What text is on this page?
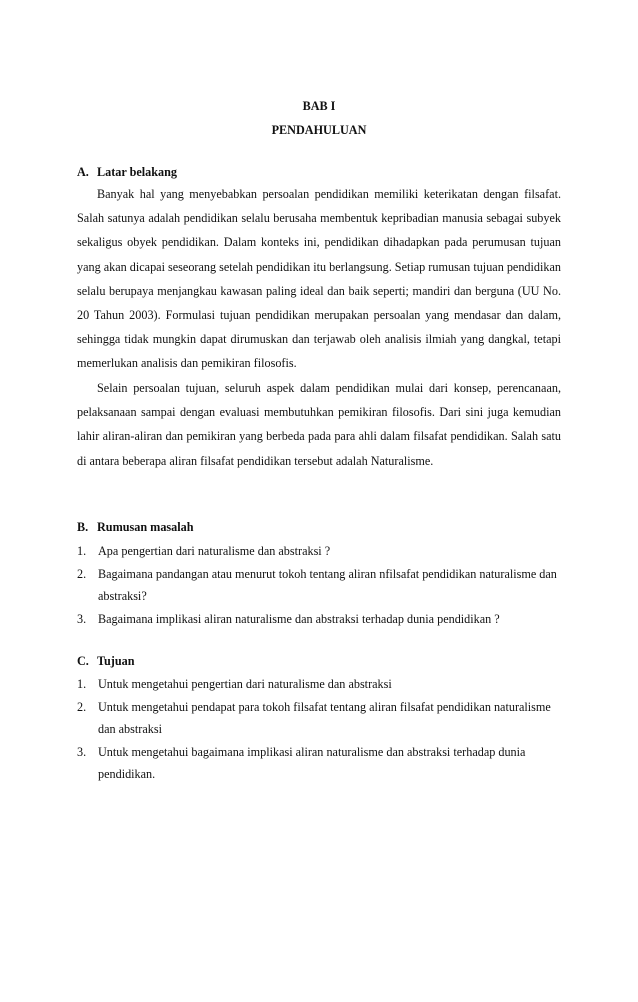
BAB I
PENDAHULUAN
A. Latar belakang

Banyak hal yang menyebabkan persoalan pendidikan memiliki keterikatan dengan filsafat. Salah satunya adalah pendidikan selalu berusaha membentuk kepribadian manusia sebagai subyek sekaligus obyek pendidikan. Dalam konteks ini, pendidikan dihadapkan pada perumusan tujuan yang akan dicapai seseorang setelah pendidikan itu berlangsung. Setiap rumusan tujuan pendidikan selalu berupaya menjangkau kawasan paling ideal dan baik seperti; mandiri dan berguna (UU No. 20 Tahun 2003). Formulasi tujuan pendidikan merupakan persoalan yang mendasar dan dalam, sehingga tidak mungkin dapat dirumuskan dan terjawab oleh analisis ilmiah yang dangkal, tetapi memerlukan analisis dan pemikiran filosofis.

Selain persoalan tujuan, seluruh aspek dalam pendidikan mulai dari konsep, perencanaan, pelaksanaan sampai dengan evaluasi membutuhkan pemikiran filosofis. Dari sini juga kemudian lahir aliran-aliran dan pemikiran yang berbeda pada para ahli dalam filsafat pendidikan. Salah satu di antara beberapa aliran filsafat pendidikan tersebut adalah Naturalisme.

B. Rumusan masalah
1. Apa pengertian dari naturalisme dan abstraksi ?
2. Bagaimana pandangan atau menurut tokoh tentang aliran nfilsafat pendidikan naturalisme dan abstraksi?
3. Bagaimana implikasi aliran naturalisme dan abstraksi terhadap dunia pendidikan ?
C. Tujuan
1. Untuk mengetahui pengertian dari naturalisme dan abstraksi
2. Untuk mengetahui pendapat para tokoh filsafat tentang aliran filsafat pendidikan naturalisme dan abstraksi
3. Untuk mengetahui bagaimana implikasi aliran naturalisme dan abstraksi terhadap dunia pendidikan.
